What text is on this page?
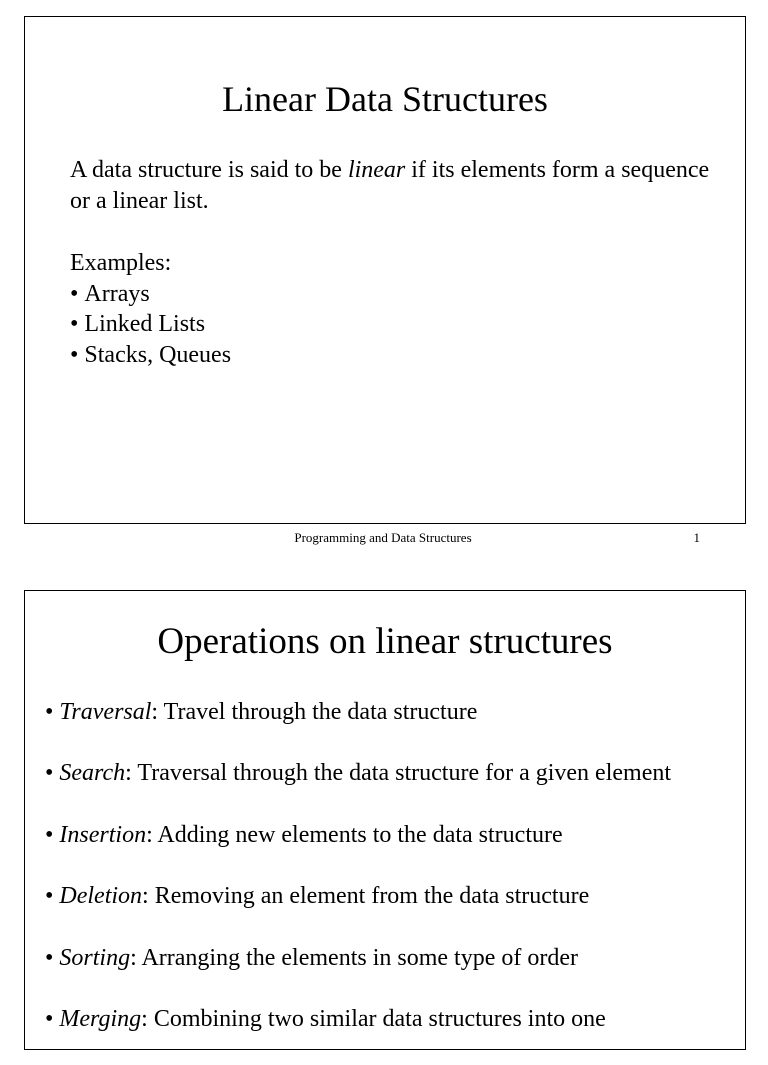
Linear Data Structures
A data structure is said to be linear if its elements form a sequence or a linear list.
Examples:
• Arrays
• Linked Lists
• Stacks, Queues
Programming and Data Structures	1
Operations on linear structures
• Traversal: Travel through the data structure
• Search: Traversal through the data structure for a given element
• Insertion: Adding new elements to the data structure
• Deletion: Removing an element from the data structure
• Sorting: Arranging the elements in some type of order
• Merging: Combining two similar data structures into one
